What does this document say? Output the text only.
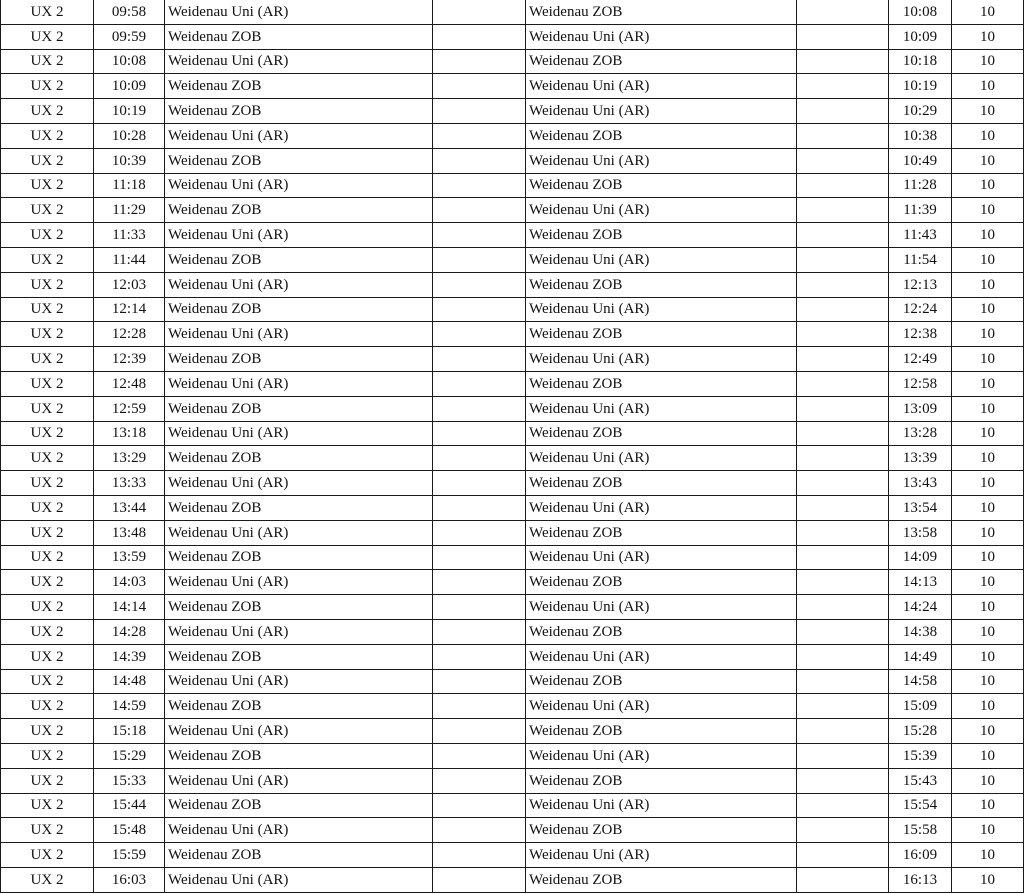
UX 2	09:58	Weidenau Uni (AR)		Weidenau ZOB		10:08	10
UX 2	09:59	Weidenau ZOB		Weidenau Uni (AR)		10:09	10
UX 2	10:08	Weidenau Uni (AR)		Weidenau ZOB		10:18	10
UX 2	10:09	Weidenau ZOB		Weidenau Uni (AR)		10:19	10
UX 2	10:19	Weidenau ZOB		Weidenau Uni (AR)		10:29	10
UX 2	10:28	Weidenau Uni (AR)		Weidenau ZOB		10:38	10
UX 2	10:39	Weidenau ZOB		Weidenau Uni (AR)		10:49	10
UX 2	11:18	Weidenau Uni (AR)		Weidenau ZOB		11:28	10
UX 2	11:29	Weidenau ZOB		Weidenau Uni (AR)		11:39	10
UX 2	11:33	Weidenau Uni (AR)		Weidenau ZOB		11:43	10
UX 2	11:44	Weidenau ZOB		Weidenau Uni (AR)		11:54	10
UX 2	12:03	Weidenau Uni (AR)		Weidenau ZOB		12:13	10
UX 2	12:14	Weidenau ZOB		Weidenau Uni (AR)		12:24	10
UX 2	12:28	Weidenau Uni (AR)		Weidenau ZOB		12:38	10
UX 2	12:39	Weidenau ZOB		Weidenau Uni (AR)		12:49	10
UX 2	12:48	Weidenau Uni (AR)		Weidenau ZOB		12:58	10
UX 2	12:59	Weidenau ZOB		Weidenau Uni (AR)		13:09	10
UX 2	13:18	Weidenau Uni (AR)		Weidenau ZOB		13:28	10
UX 2	13:29	Weidenau ZOB		Weidenau Uni (AR)		13:39	10
UX 2	13:33	Weidenau Uni (AR)		Weidenau ZOB		13:43	10
UX 2	13:44	Weidenau ZOB		Weidenau Uni (AR)		13:54	10
UX 2	13:48	Weidenau Uni (AR)		Weidenau ZOB		13:58	10
UX 2	13:59	Weidenau ZOB		Weidenau Uni (AR)		14:09	10
UX 2	14:03	Weidenau Uni (AR)		Weidenau ZOB		14:13	10
UX 2	14:14	Weidenau ZOB		Weidenau Uni (AR)		14:24	10
UX 2	14:28	Weidenau Uni (AR)		Weidenau ZOB		14:38	10
UX 2	14:39	Weidenau ZOB		Weidenau Uni (AR)		14:49	10
UX 2	14:48	Weidenau Uni (AR)		Weidenau ZOB		14:58	10
UX 2	14:59	Weidenau ZOB		Weidenau Uni (AR)		15:09	10
UX 2	15:18	Weidenau Uni (AR)		Weidenau ZOB		15:28	10
UX 2	15:29	Weidenau ZOB		Weidenau Uni (AR)		15:39	10
UX 2	15:33	Weidenau Uni (AR)		Weidenau ZOB		15:43	10
UX 2	15:44	Weidenau ZOB		Weidenau Uni (AR)		15:54	10
UX 2	15:48	Weidenau Uni (AR)		Weidenau ZOB		15:58	10
UX 2	15:59	Weidenau ZOB		Weidenau Uni (AR)		16:09	10
UX 2	16:03	Weidenau Uni (AR)		Weidenau ZOB		16:13	10
